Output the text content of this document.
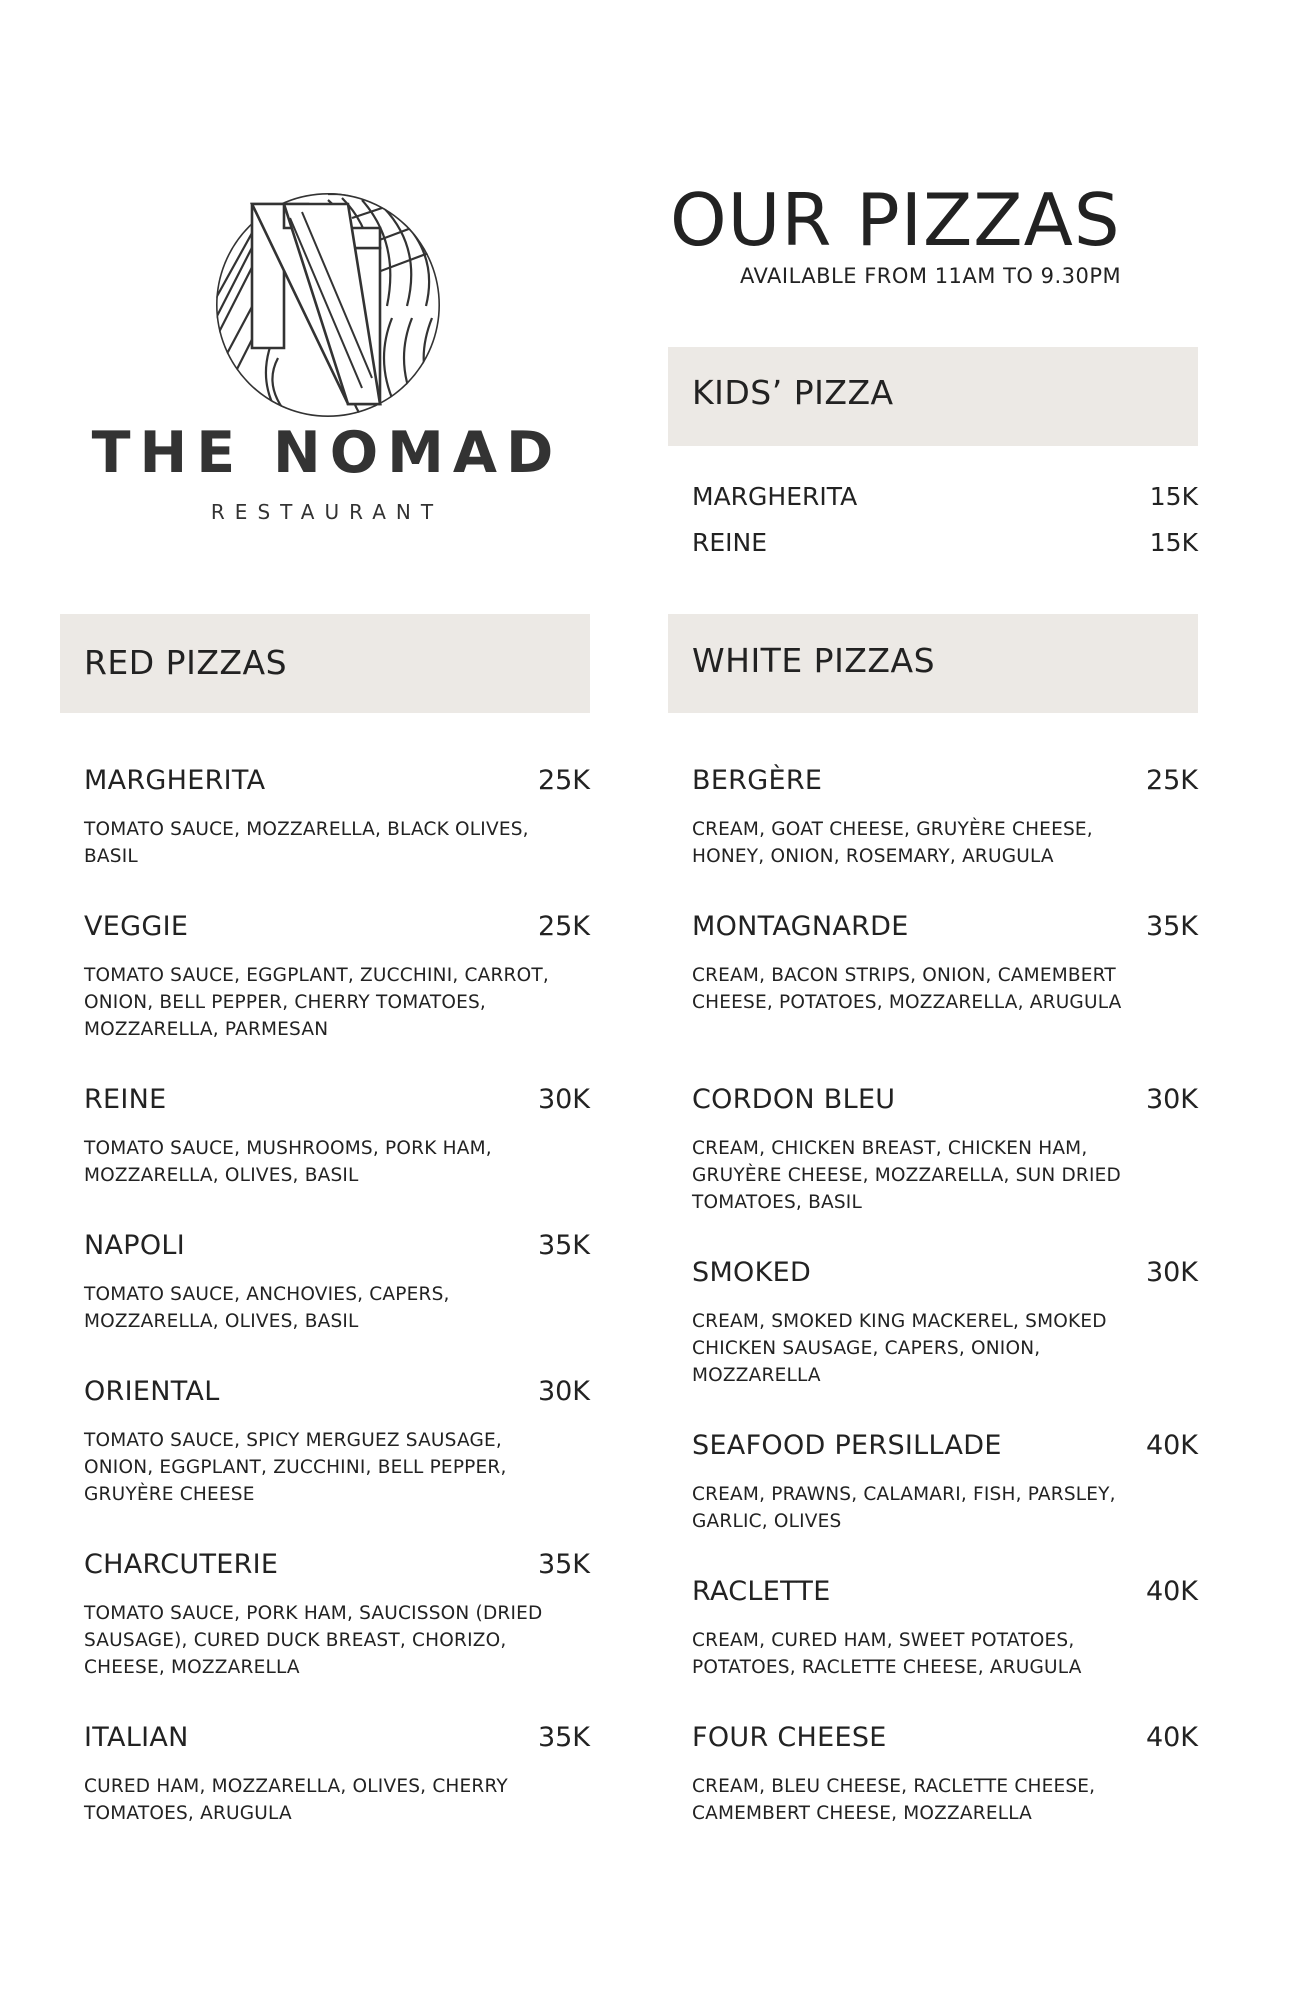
THE NOMAD
RESTAURANT
OUR PIZZAS
AVAILABLE FROM 11AM TO 9.30PM
KIDS’ PIZZA
MARGHERITA	15K
REINE	15K
RED PIZZAS	WHITE PIZZAS
MARGHERITA	25K
TOMATO SAUCE, MOZZARELLA, BLACK OLIVES,
BASIL
VEGGIE	25K
TOMATO SAUCE, EGGPLANT, ZUCCHINI, CARROT,
ONION, BELL PEPPER, CHERRY TOMATOES,
MOZZARELLA, PARMESAN
REINE	30K
TOMATO SAUCE, MUSHROOMS, PORK HAM,
MOZZARELLA, OLIVES, BASIL
NAPOLI	35K
TOMATO SAUCE, ANCHOVIES, CAPERS,
MOZZARELLA, OLIVES, BASIL
ORIENTAL	30K
TOMATO SAUCE, SPICY MERGUEZ SAUSAGE,
ONION, EGGPLANT, ZUCCHINI, BELL PEPPER,
GRUYÈRE CHEESE
CHARCUTERIE	35K
TOMATO SAUCE, PORK HAM, SAUCISSON (DRIED
SAUSAGE), CURED DUCK BREAST, CHORIZO,
CHEESE, MOZZARELLA
ITALIAN	35K
CURED HAM, MOZZARELLA, OLIVES, CHERRY
TOMATOES, ARUGULA
BERGÈRE	25K
CREAM, GOAT CHEESE, GRUYÈRE CHEESE,
HONEY, ONION, ROSEMARY, ARUGULA
MONTAGNARDE	35K
CREAM, BACON STRIPS, ONION, CAMEMBERT
CHEESE, POTATOES, MOZZARELLA, ARUGULA
CORDON BLEU	30K
CREAM, CHICKEN BREAST, CHICKEN HAM,
GRUYÈRE CHEESE, MOZZARELLA, SUN DRIED
TOMATOES, BASIL
SMOKED	30K
CREAM, SMOKED KING MACKEREL, SMOKED
CHICKEN SAUSAGE, CAPERS, ONION,
MOZZARELLA
SEAFOOD PERSILLADE	40K
CREAM, PRAWNS, CALAMARI, FISH, PARSLEY,
GARLIC, OLIVES
RACLETTE	40K
CREAM, CURED HAM, SWEET POTATOES,
POTATOES, RACLETTE CHEESE, ARUGULA
FOUR CHEESE	40K
CREAM, BLEU CHEESE, RACLETTE CHEESE,
CAMEMBERT CHEESE, MOZZARELLA
